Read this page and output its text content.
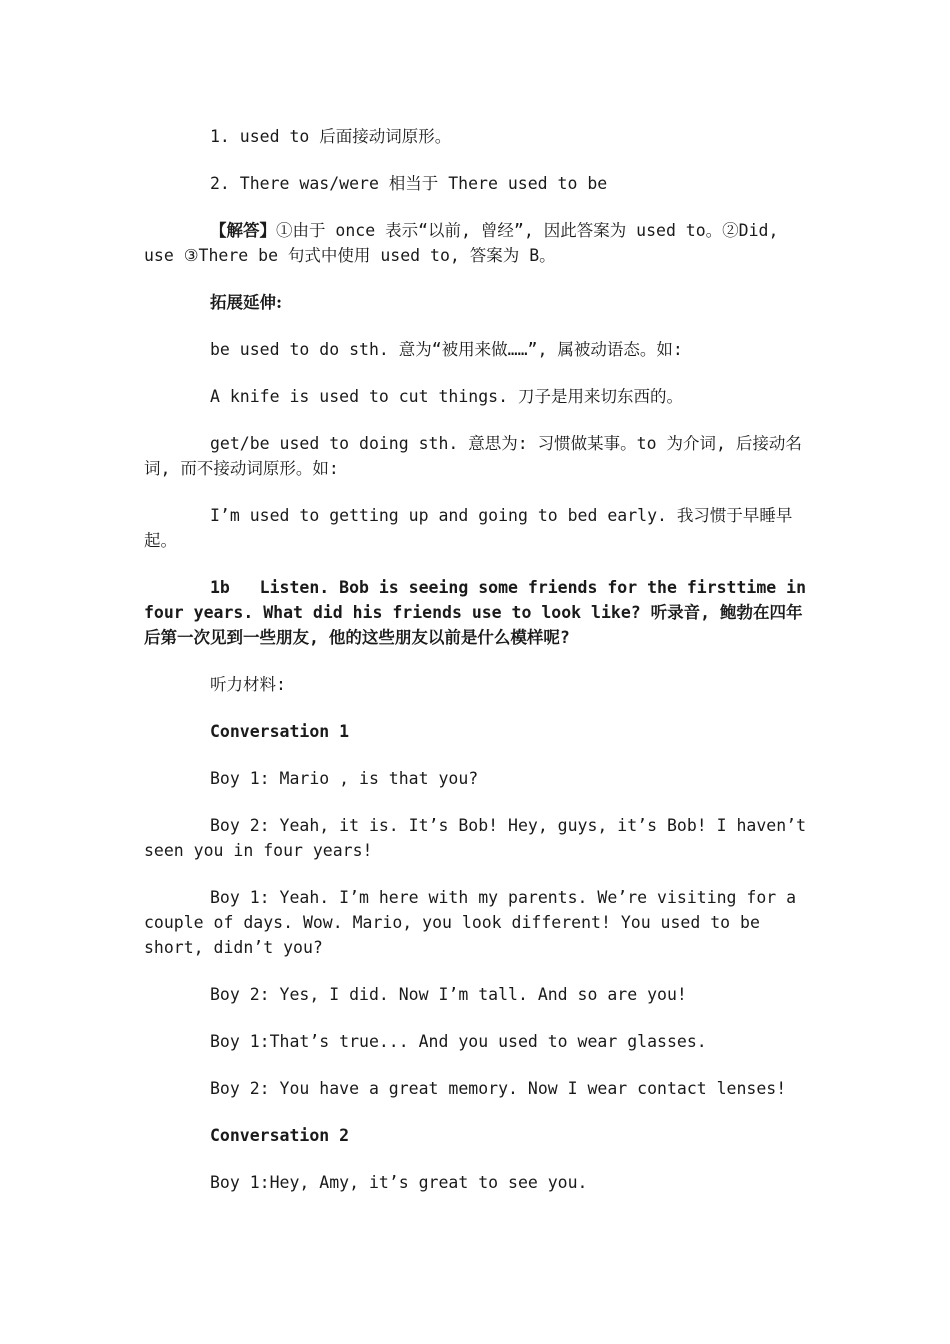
1. used to 后面接动词原形。

2. There was/were 相当于 There used to be

【解答】①由于 once 表示“以前, 曾经”, 因此答案为 used to。②Did, use ③There be 句式中使用 used to, 答案为 B。

拓展延伸:

be used to do sth. 意为“被用来做……”, 属被动语态。如:

A knife is used to cut things. 刀子是用来切东西的。

get/be used to doing sth. 意思为: 习惯做某事。to 为介词, 后接动名词, 而不接动词原形。如:

I’m used to getting up and going to bed early. 我习惯于早睡早起。

1b   Listen. Bob is seeing some friends for the firsttime in four years. What did his friends use to look like? 听录音, 鲍勃在四年后第一次见到一些朋友, 他的这些朋友以前是什么模样呢?

听力材料:

Conversation 1

Boy 1: Mario , is that you?

Boy 2: Yeah, it is. It’s Bob! Hey, guys, it’s Bob! I haven’t seen you in four years!

Boy 1: Yeah. I’m here with my parents. We’re visiting for a couple of days. Wow. Mario, you look different! You used to be short, didn’t you?

Boy 2: Yes, I did. Now I’m tall. And so are you!

Boy 1:That’s true... And you used to wear glasses.

Boy 2: You have a great memory. Now I wear contact lenses!

Conversation 2

Boy 1:Hey, Amy, it’s great to see you.
